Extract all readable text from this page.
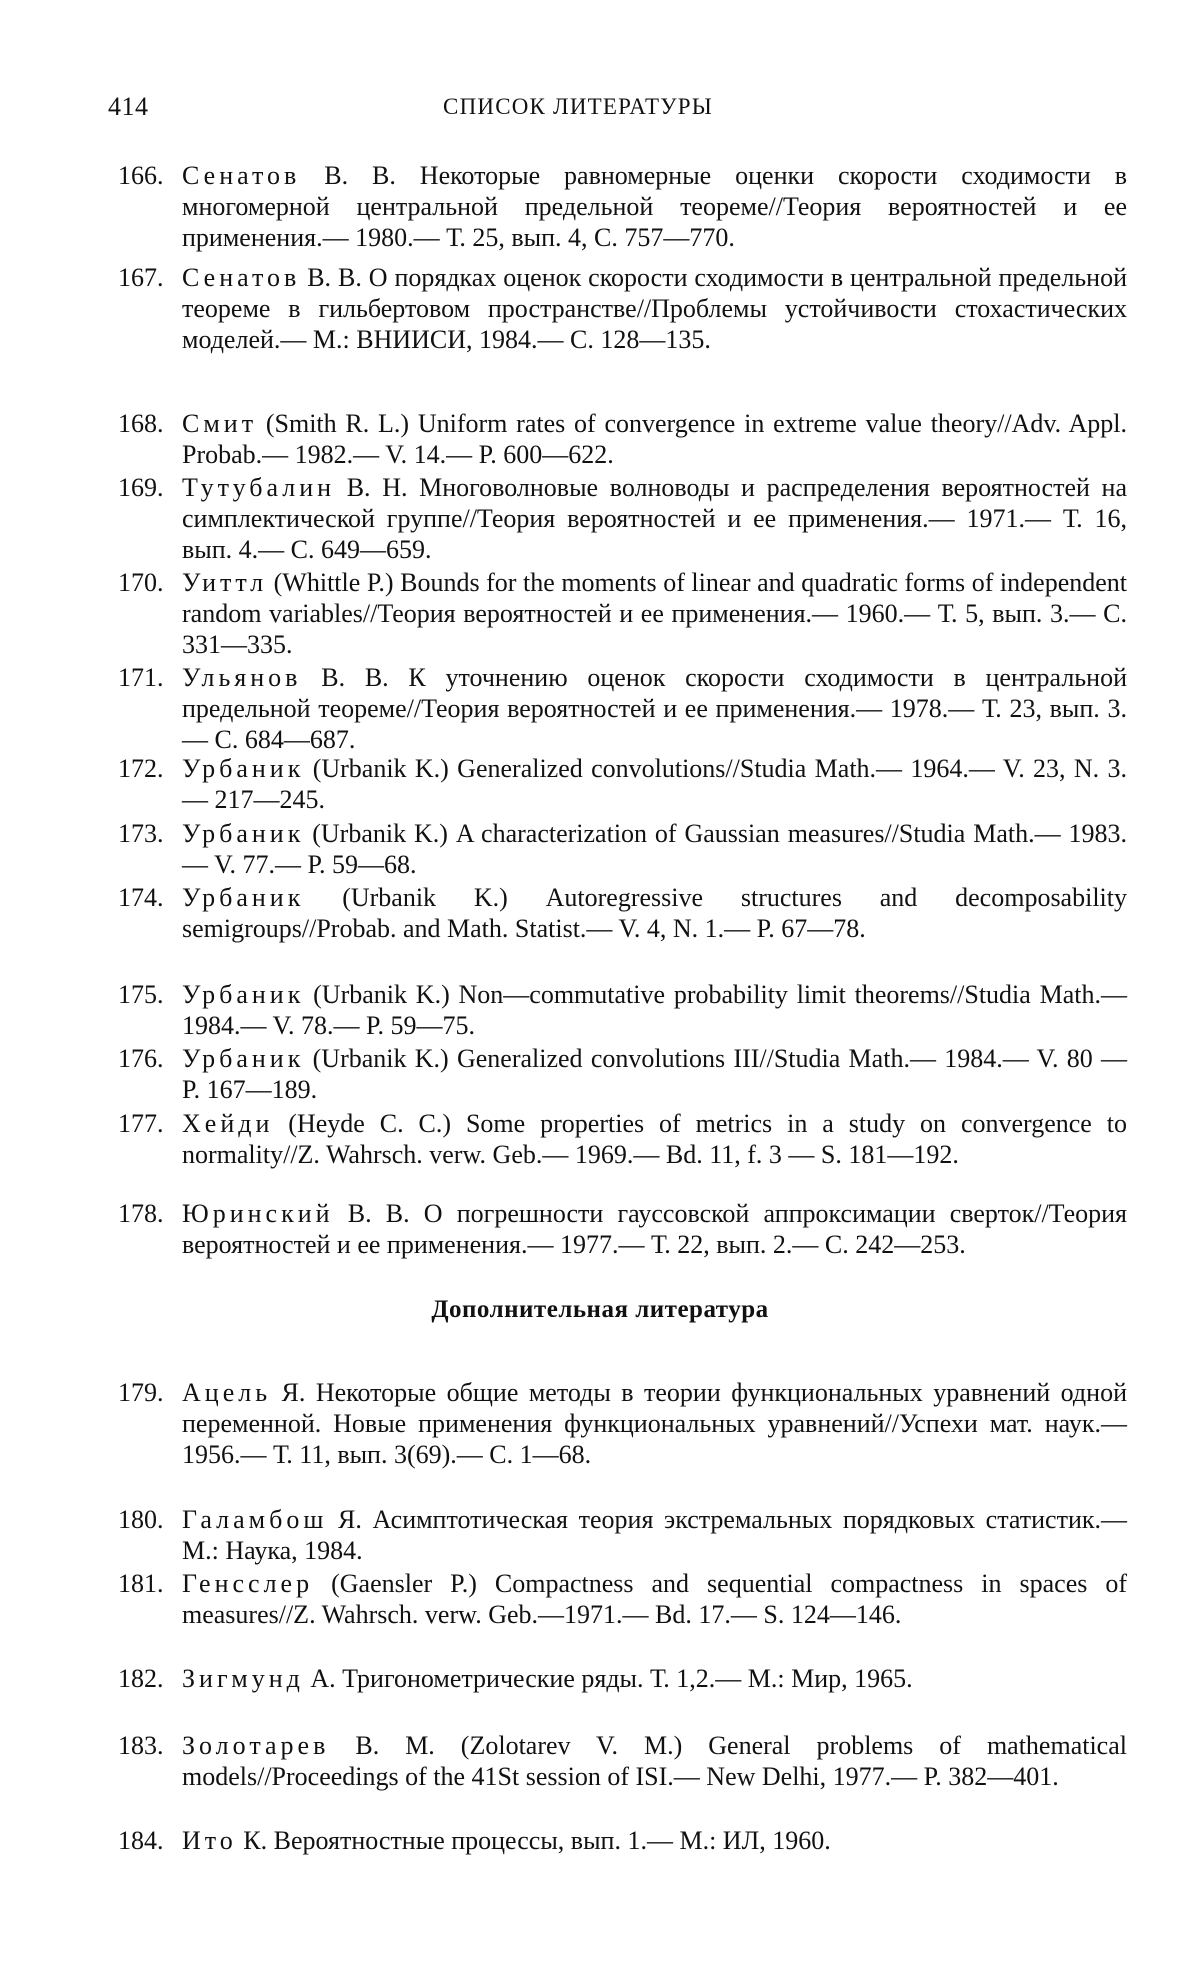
414	СПИСОК ЛИТЕРАТУРЫ
166. Сенатов В. В. Некоторые равномерные оценки скорости сходимости в многомерной центральной предельной теореме//Теория вероятностей и ее применения.— 1980.— Т. 25, вып. 4, С. 757—770.
167. Сенатов В. В. О порядках оценок скорости сходимости в центральной предельной теореме в гильбертовом пространстве//Проблемы устойчивости стохастических моделей.— М.: ВНИИСИ, 1984.— С. 128—135.
168. Смит (Smith R. L.) Uniform rates of convergence in extreme value theory//Adv. Appl. Probab.— 1982.— V. 14.— P. 600—622.
169. Тутубалин В. Н. Многоволновые волноводы и распределения вероятностей на симплектической группе//Теория вероятностей и ее применения.— 1971.— Т. 16, вып. 4.— С. 649—659.
170. Уиттл (Whittle P.) Bounds for the moments of linear and quadratic forms of independent random variables//Теория вероятностей и ее применения.— 1960.— Т. 5, вып. 3.— С. 331—335.
171. Ульянов В. В. К уточнению оценок скорости сходимости в центральной предельной теореме//Теория вероятностей и ее применения.— 1978.— Т. 23, вып. 3.— С. 684—687.
172. Урбаник (Urbanik K.) Generalized convolutions//Studia Math.— 1964.— V. 23, N. 3.— 217—245.
173. Урбаник (Urbanik K.) A characterization of Gaussian measures//Studia Math.— 1983.— V. 77.— P. 59—68.
174. Урбаник (Urbanik K.) Autoregressive structures and decomposability semigroups//Probab. and Math. Statist.— V. 4, N. 1.— P. 67—78.
175. Урбаник (Urbanik K.) Non—commutative probability limit theorems//Studia Math.— 1984.— V. 78.— P. 59—75.
176. Урбаник (Urbanik K.) Generalized convolutions III//Studia Math.— 1984.— V. 80 — P. 167—189.
177. Хейди (Heyde C. C.) Some properties of metrics in a study on convergence to normality//Z. Wahrsch. verw. Geb.— 1969.— Bd. 11, f. 3 — S. 181—192.
178. Юринский В. В. О погрешности гауссовской аппроксимации сверток//Теория вероятностей и ее применения.— 1977.— Т. 22, вып. 2.— С. 242—253.
Дополнительная литература
179. Ацель Я. Некоторые общие методы в теории функциональных уравнений одной переменной. Новые применения функциональных уравнений//Успехи мат. наук.— 1956.— Т. 11, вып. 3(69).— С. 1—68.
180. Галамбош Я. Асимптотическая теория экстремальных порядковых статистик.— М.: Наука, 1984.
181. Генсслер (Gaensler P.) Compactness and sequential compactness in spaces of measures//Z. Wahrsch. verw. Geb.—1971.— Bd. 17.— S. 124—146.
182. Зигмунд А. Тригонометрические ряды. Т. 1,2.— М.: Мир, 1965.
183. Золотарев В. М. (Zolotarev V. M.) General problems of mathematical models//Proceedings of the 41St session of ISI.— New Delhi, 1977.— P. 382—401.
184. Ито К. Вероятностные процессы, вып. 1.— М.: ИЛ, 1960.
